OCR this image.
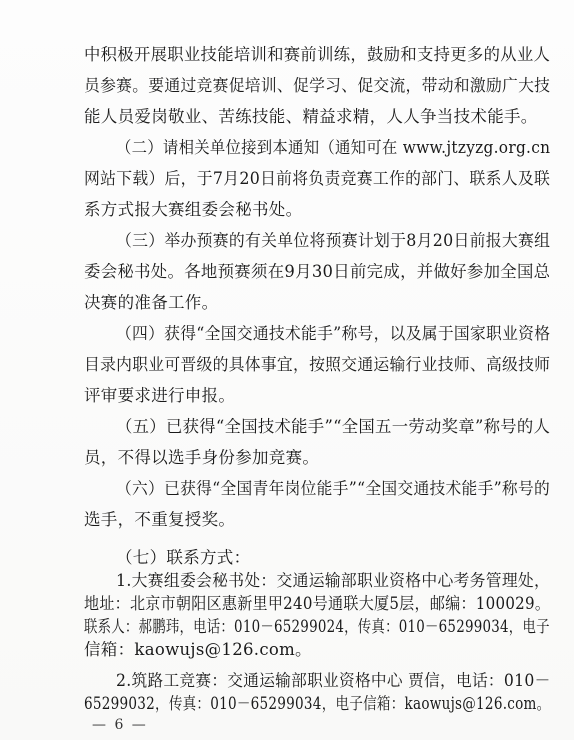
中积极开展职业技能培训和赛前训练，鼓励和支持更多的从业人
员参赛。要通过竞赛促培训、促学习、促交流，带动和激励广大技
能人员爱岗敬业、苦练技能、精益求精，人人争当技术能手。
（二）请相关单位接到本通知（通知可在 www.jtzyzg.org.cn
网站下载）后，于7月20日前将负责竞赛工作的部门、联系人及联
系方式报大赛组委会秘书处。
（三）举办预赛的有关单位将预赛计划于8月20日前报大赛组
委会秘书处。各地预赛须在9月30日前完成，并做好参加全国总
决赛的准备工作。
（四）获得“全国交通技术能手”称号，以及属于国家职业资格
目录内职业可晋级的具体事宜，按照交通运输行业技师、高级技师
评审要求进行申报。
（五）已获得“全国技术能手”“全国五一劳动奖章”称号的人
员，不得以选手身份参加竞赛。
（六）已获得“全国青年岗位能手”“全国交通技术能手”称号的
选手，不重复授奖。
（七）联系方式：
1.大赛组委会秘书处：交通运输部职业资格中心考务管理处，
地址：北京市朝阳区惠新里甲240号通联大厦5层，邮编：100029。
联系人：郝鹏玮，电话：010－65299024，传真：010－65299034，电子
信箱：kaowujs@126.com。
2.筑路工竞赛：交通运输部职业资格中心 贾信，电话：010－
65299032，传真：010－65299034，电子信箱：kaowujs@126.com。
— 6 —
